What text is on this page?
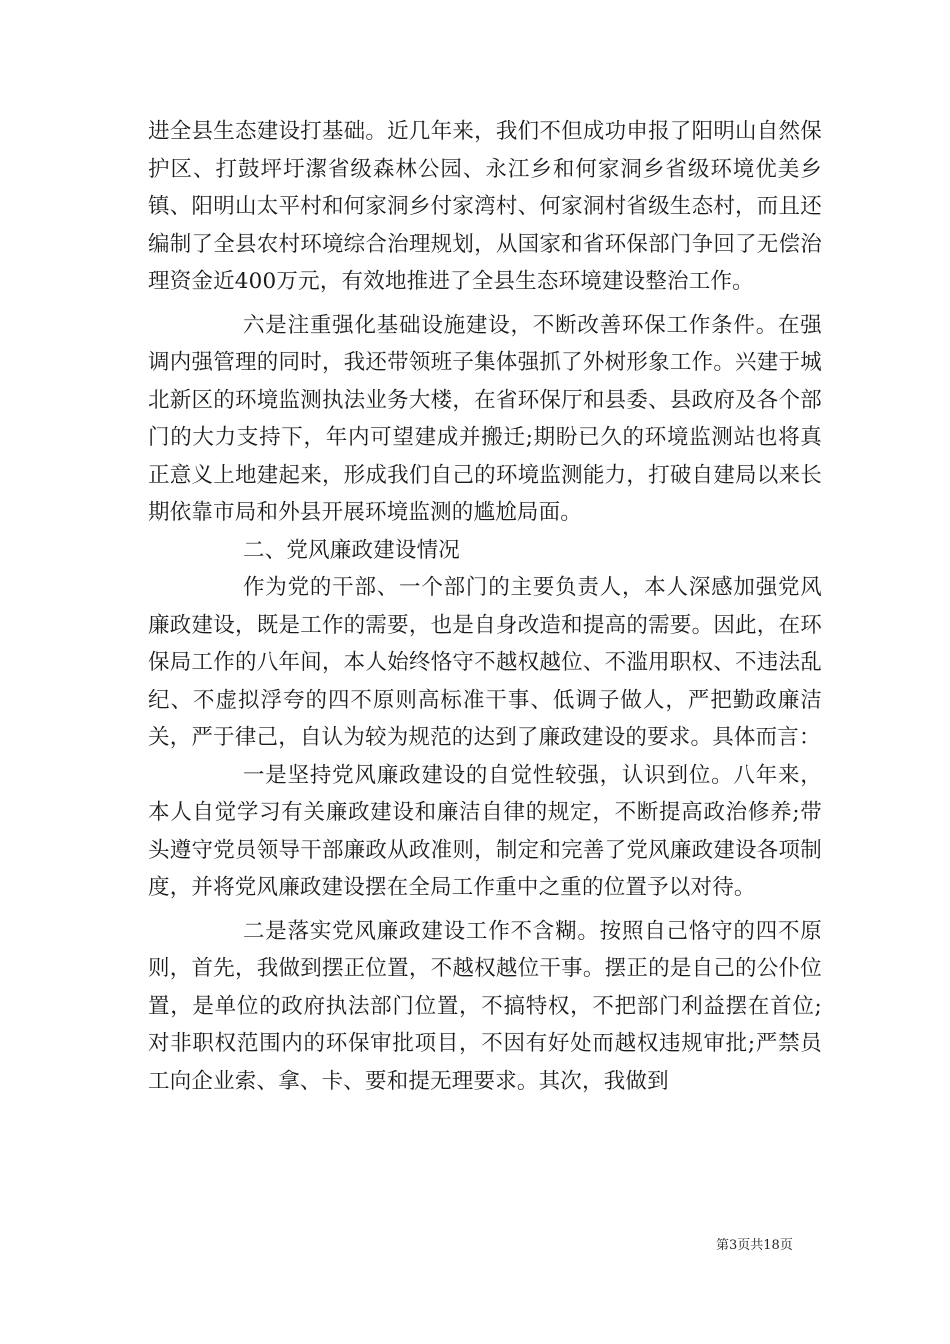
进全县生态建设打基础。近几年来，我们不但成功申报了阳明山自然保护区、打鼓坪圩潔省级森林公园、永江乡和何家洞乡省级环境优美乡镇、阳明山太平村和何家洞乡付家湾村、何家洞村省级生态村，而且还编制了全县农村环境综合治理规划，从国家和省环保部门争回了无偿治理资金近400万元，有效地推进了全县生态环境建设整治工作。

六是注重强化基础设施建设，不断改善环保工作条件。在强调内强管理的同时，我还带领班子集体强抓了外树形象工作。兴建于城北新区的环境监测执法业务大楼，在省环保厅和县委、县政府及各个部门的大力支持下，年内可望建成并搬迁;期盼已久的环境监测站也将真正意义上地建起来，形成我们自己的环境监测能力，打破自建局以来长期依靠市局和外县开展环境监测的尴尬局面。

二、党风廉政建设情况

作为党的干部、一个部门的主要负责人，本人深感加强党风廉政建设，既是工作的需要，也是自身改造和提高的需要。因此，在环保局工作的八年间，本人始终恪守不越权越位、不滥用职权、不违法乱纪、不虚拟浮夸的四不原则高标准干事、低调子做人，严把勤政廉洁关，严于律己，自认为较为规范的达到了廉政建设的要求。具体而言：

一是坚持党风廉政建设的自觉性较强，认识到位。八年来，本人自觉学习有关廉政建设和廉洁自律的规定，不断提高政治修养;带头遵守党员领导干部廉政从政准则，制定和完善了党风廉政建设各项制度，并将党风廉政建设摆在全局工作重中之重的位置予以对待。

二是落实党风廉政建设工作不含糊。按照自己恪守的四不原则，首先，我做到摆正位置，不越权越位干事。摆正的是自己的公仆位置，是单位的政府执法部门位置，不搞特权，不把部门利益摆在首位;对非职权范围内的环保审批项目，不因有好处而越权违规审批;严禁员工向企业索、拿、卡、要和提无理要求。其次，我做到

第3页共18页
